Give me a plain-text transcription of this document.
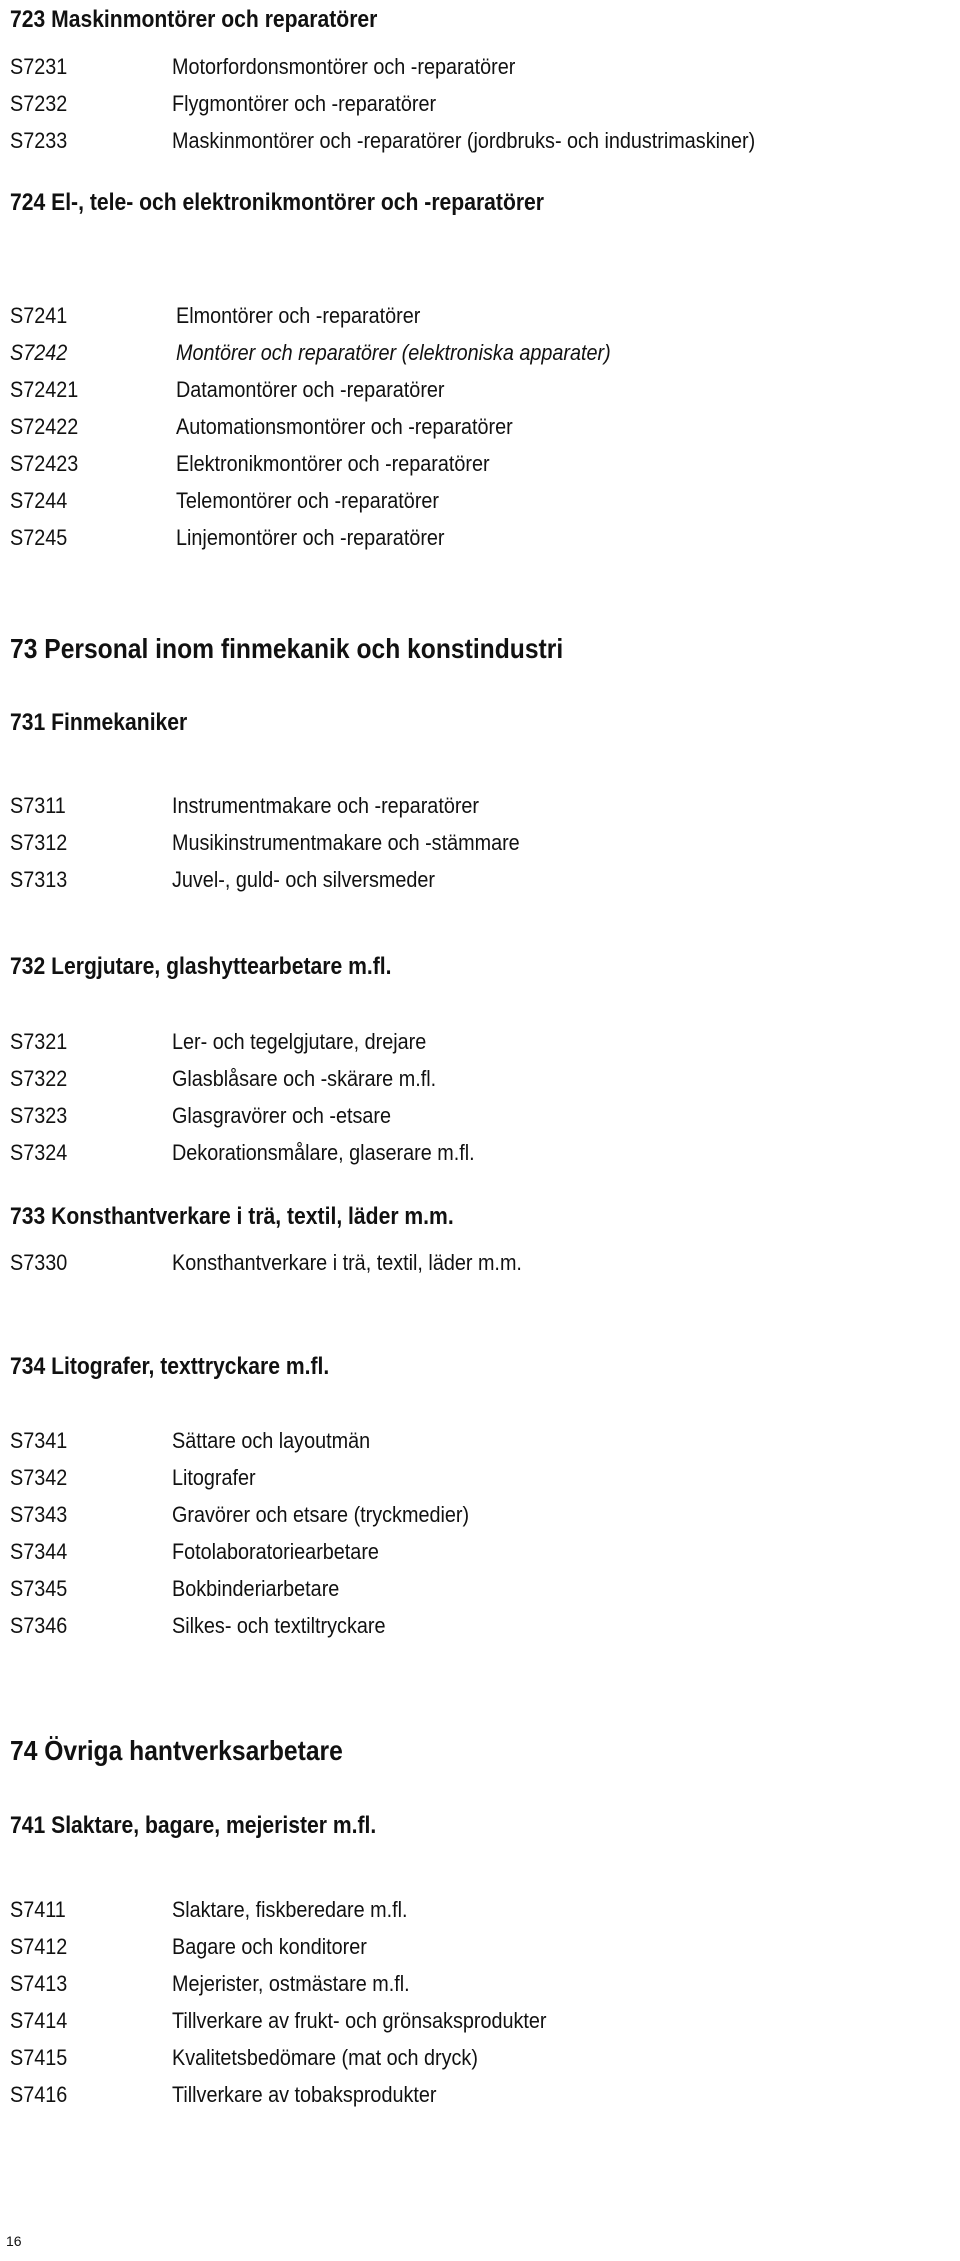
723 Maskinmontörer och reparatörer
S7231	Motorfordonsmontörer och -reparatörer
S7232	Flygmontörer och -reparatörer
S7233	Maskinmontörer och -reparatörer (jordbruks- och industrimaskiner)
724 El-, tele- och elektronikmontörer och -reparatörer
S7241	Elmontörer och -reparatörer
S7242	Montörer och reparatörer (elektroniska apparater)
S72421	Datamontörer och -reparatörer
S72422	Automationsmontörer och -reparatörer
S72423	Elektronikmontörer och -reparatörer
S7244	Telemontörer och -reparatörer
S7245	Linjemontörer och -reparatörer
73 Personal inom finmekanik och konstindustri
731 Finmekaniker
S7311	Instrumentmakare och -reparatörer
S7312	Musikinstrumentmakare och -stämmare
S7313	Juvel-, guld- och silversmeder
732 Lergjutare, glashyttearbetare m.fl.
S7321	Ler- och tegelgjutare, drejare
S7322	Glasblåsare och -skärare m.fl.
S7323	Glasgravörer och -etsare
S7324	Dekorationsmålare, glaserare m.fl.
733 Konsthantverkare i trä, textil, läder m.m.
S7330	Konsthantverkare i trä, textil, läder m.m.
734 Litografer, texttryckare m.fl.
S7341	Sättare och layoutmän
S7342	Litografer
S7343	Gravörer och etsare (tryckmedier)
S7344	Fotolaboratoriearbetare
S7345	Bokbinderiarbetare
S7346	Silkes- och textiltryckare
74 Övriga hantverksarbetare
741 Slaktare, bagare, mejerister m.fl.
S7411	Slaktare, fiskberedare m.fl.
S7412	Bagare och konditorer
S7413	Mejerister, ostmästare m.fl.
S7414	Tillverkare av frukt- och grönsaksprodukter
S7415	Kvalitetsbedömare (mat och dryck)
S7416	Tillverkare av tobaksprodukter
16
